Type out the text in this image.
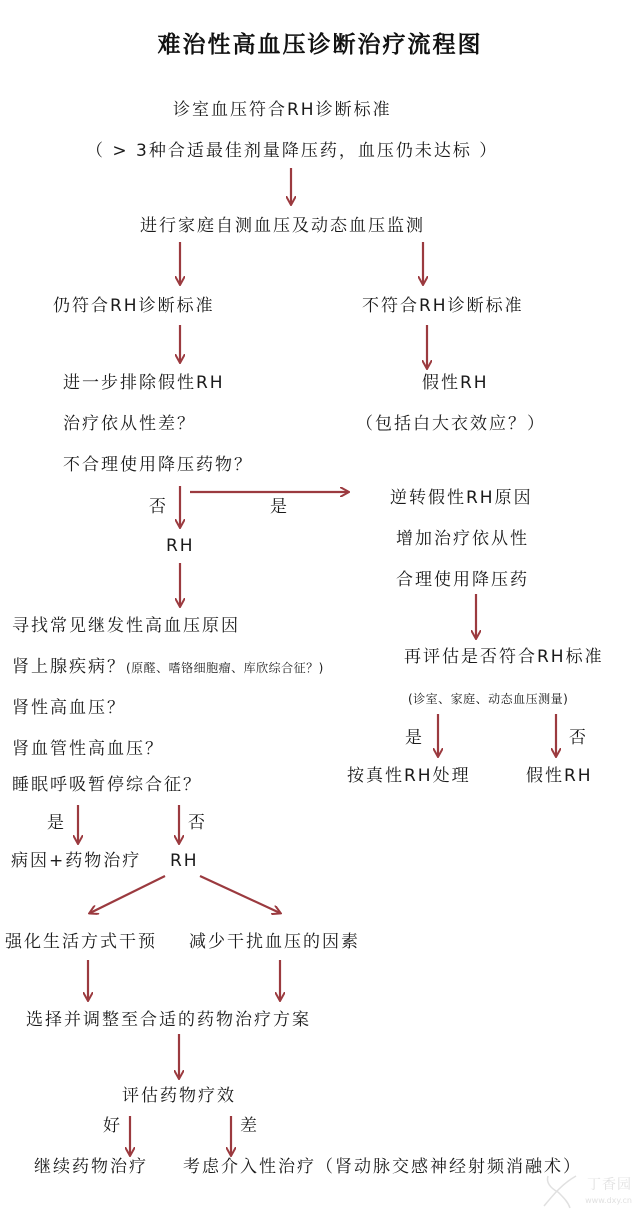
难治性高血压诊断治疗流程图
诊室血压符合RH诊断标准
（ > 3种合适最佳剂量降压药，血压仍未达标 ）
进行家庭自测血压及动态血压监测
仍符合RH诊断标准	不符合RH诊断标准
进一步排除假性RH
治疗依从性差？
不合理使用降压药物？
假性RH
（包括白大衣效应？）
否	是	逆转假性RH原因
增加治疗依从性
合理使用降压药
RH
寻找常见继发性高血压原因
肾上腺疾病？(原醛、嗜铬细胞瘤、库欣综合征？)
肾性高血压？
肾血管性高血压？
睡眠呼吸暂停综合征？
再评估是否符合RH标准
(诊室、家庭、动态血压测量)
是	否
按真性RH处理	假性RH
是	否
病因+药物治疗 RH
强化生活方式干预 减少干扰血压的因素
选择并调整至合适的药物治疗方案
评估药物疗效
好	差
继续药物治疗 考虑介入性治疗（肾动脉交感神经射频消融术）
丁香园
www.dxy.cn
